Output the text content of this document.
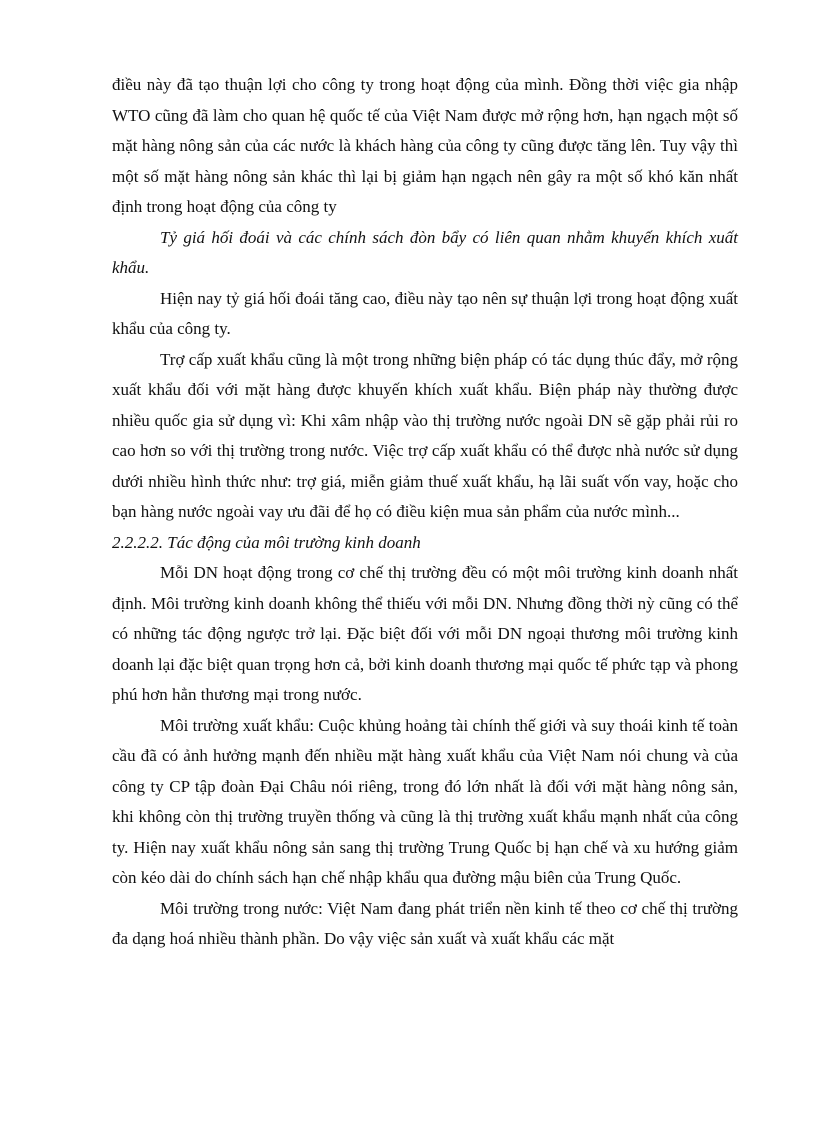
điều này đã tạo thuận lợi cho công ty trong hoạt động của mình. Đồng thời việc gia nhập WTO cũng đã làm cho quan hệ quốc tế của Việt Nam được mở rộng hơn, hạn ngạch một số mặt hàng nông sản của các nước là khách hàng của công ty cũng được tăng lên. Tuy vậy thì một số mặt hàng nông sản khác thì lại bị giảm hạn ngạch nên gây ra một số khó kăn nhất định trong hoạt động của công ty

Tỷ giá hối đoái và các chính sách đòn bẩy có liên quan nhằm khuyến khích xuất khẩu.

Hiện nay tỷ giá hối đoái tăng cao, điều này tạo nên sự thuận lợi trong hoạt động xuất khẩu của công ty.

Trợ cấp xuất khẩu cũng là một trong những biện pháp có tác dụng thúc đẩy, mở rộng xuất khẩu đối với mặt hàng được khuyến khích xuất khẩu. Biện pháp này thường được nhiều quốc gia sử dụng vì: Khi xâm nhập vào thị trường nước ngoài DN sẽ gặp phải rủi ro cao hơn so với thị trường trong nước. Việc trợ cấp xuất khẩu có thể được nhà nước sử dụng dưới nhiều hình thức như: trợ giá, miễn giảm thuế xuất khẩu, hạ lãi suất vốn vay, hoặc cho bạn hàng nước ngoài vay ưu đãi để họ có điều kiện mua sản phẩm của nước mình...

2.2.2.2. Tác động của môi trường kinh doanh

Mỗi DN hoạt động trong cơ chế thị trường đều có một môi trường kinh doanh nhất định. Môi trường kinh doanh không thể thiếu với mỗi DN. Nhưng đồng thời nỳ cũng có thể có những tác động ngược trở lại. Đặc biệt đối với mỗi DN ngoại thương môi trường kinh doanh lại đặc biệt quan trọng hơn cả, bởi kinh doanh thương mại quốc tế phức tạp và phong phú hơn hẳn thương mại trong nước.

Môi trường xuất khẩu: Cuộc khủng hoảng tài chính thế giới và suy thoái kinh tế toàn cầu đã có ảnh hưởng mạnh đến nhiều mặt hàng xuất khẩu của Việt Nam nói chung và của công ty CP tập đoàn Đại Châu nói riêng, trong đó lớn nhất là đối với mặt hàng nông sản, khi không còn thị trường truyền thống và cũng là thị trường xuất khẩu mạnh nhất của công ty. Hiện nay xuất khẩu nông sản sang thị trường Trung Quốc bị hạn chế và xu hướng giảm còn kéo dài do chính sách hạn chế nhập khẩu qua đường mậu biên của Trung Quốc.

Môi trường trong nước: Việt Nam đang phát triển nền kinh tế theo cơ chế thị trường đa dạng hoá nhiều thành phần. Do vậy việc sản xuất và xuất khẩu các mặt
